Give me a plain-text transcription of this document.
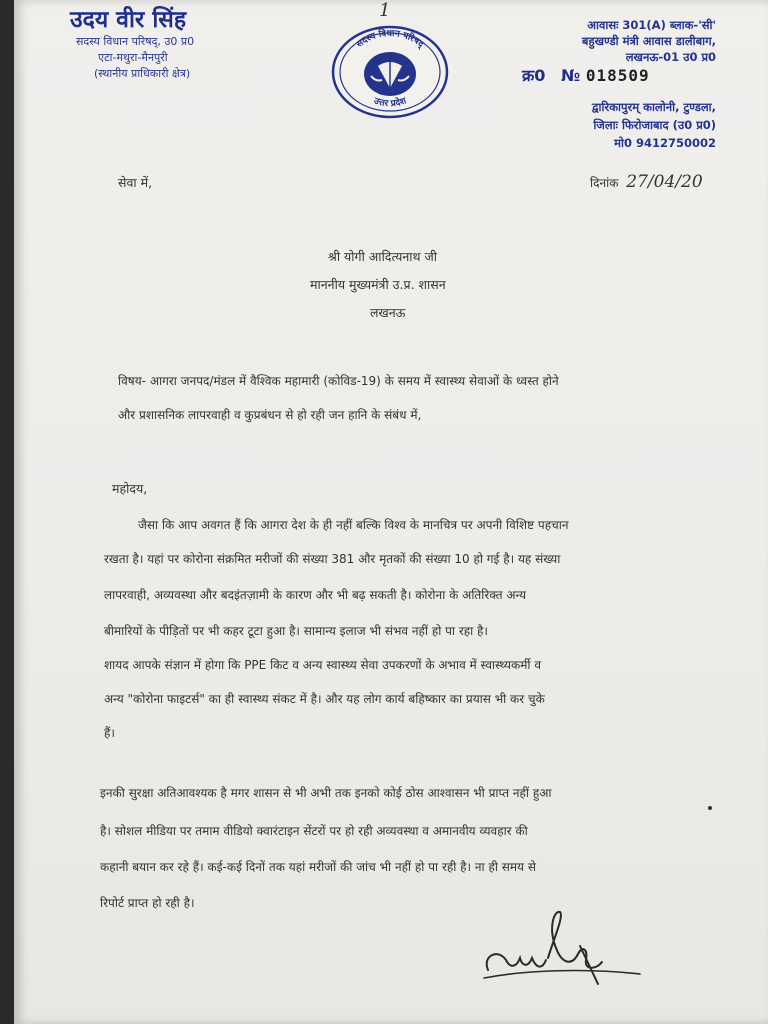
उदय वीर सिंह
सदस्य विधान परिषद्, उ0 प्र0
एटा-मथुरा-मैनपुरी
(स्थानीय प्राधिकारी क्षेत्र)
1
सदस्य विधान परिषद्
उत्तर प्रदेश
आवासः 301(A) ब्लाक-'सी'
बहुखण्डी मंत्री आवास डालीबाग,
लखनऊ-01 उ0 प्र0
क्र0 № 018509
द्वारिकापुरम् कालोनी, टुण्डला,
जिलाः फिरोजाबाद (उ0 प्र0)
मो0 9412750002
सेवा में,	दिनांक 27/04/20
श्री योगी आदित्यनाथ जी
माननीय मुख्यमंत्री उ.प्र. शासन
लखनऊ
विषय- आगरा जनपद/मंडल में वैश्विक महामारी (कोविड-19) के समय में स्वास्थ्य सेवाओं के ध्वस्त होने
और प्रशासनिक लापरवाही व कुप्रबंधन से हो रही जन हानि के संबंध में,
महोदय,
जैसा कि आप अवगत हैं कि आगरा देश के ही नहीं बल्कि विश्व के मानचित्र पर अपनी विशिष्ट पहचान
रखता है। यहां पर कोरोना संक्रमित मरीजों की संख्या 381 और मृतकों की संख्या 10 हो गई है। यह संख्या
लापरवाही, अव्यवस्था और बदइंतज़ामी के कारण और भी बढ़ सकती है। कोरोना के अतिरिक्त अन्य
बीमारियों के पीड़ितों पर भी कहर टूटा हुआ है। सामान्य इलाज भी संभव नहीं हो पा रहा है।
शायद आपके संज्ञान में होगा कि PPE किट व अन्य स्वास्थ्य सेवा उपकरणों के अभाव में स्वास्थ्यकर्मी व
अन्य "कोरोना फाइटर्स" का ही स्वास्थ्य संकट में है। और यह लोग कार्य बहिष्कार का प्रयास भी कर चुके
हैं।
इनकी सुरक्षा अतिआवश्यक है मगर शासन से भी अभी तक इनको कोई ठोस आश्वासन भी प्राप्त नहीं हुआ
है। सोशल मीडिया पर तमाम वीडियो क्वारंटाइन सेंटरों पर हो रही अव्यवस्था व अमानवीय व्यवहार की
कहानी बयान कर रहे हैं। कई-कई दिनों तक यहां मरीजों की जांच भी नहीं हो पा रही है। ना ही समय से
रिपोर्ट प्राप्त हो रही है।
